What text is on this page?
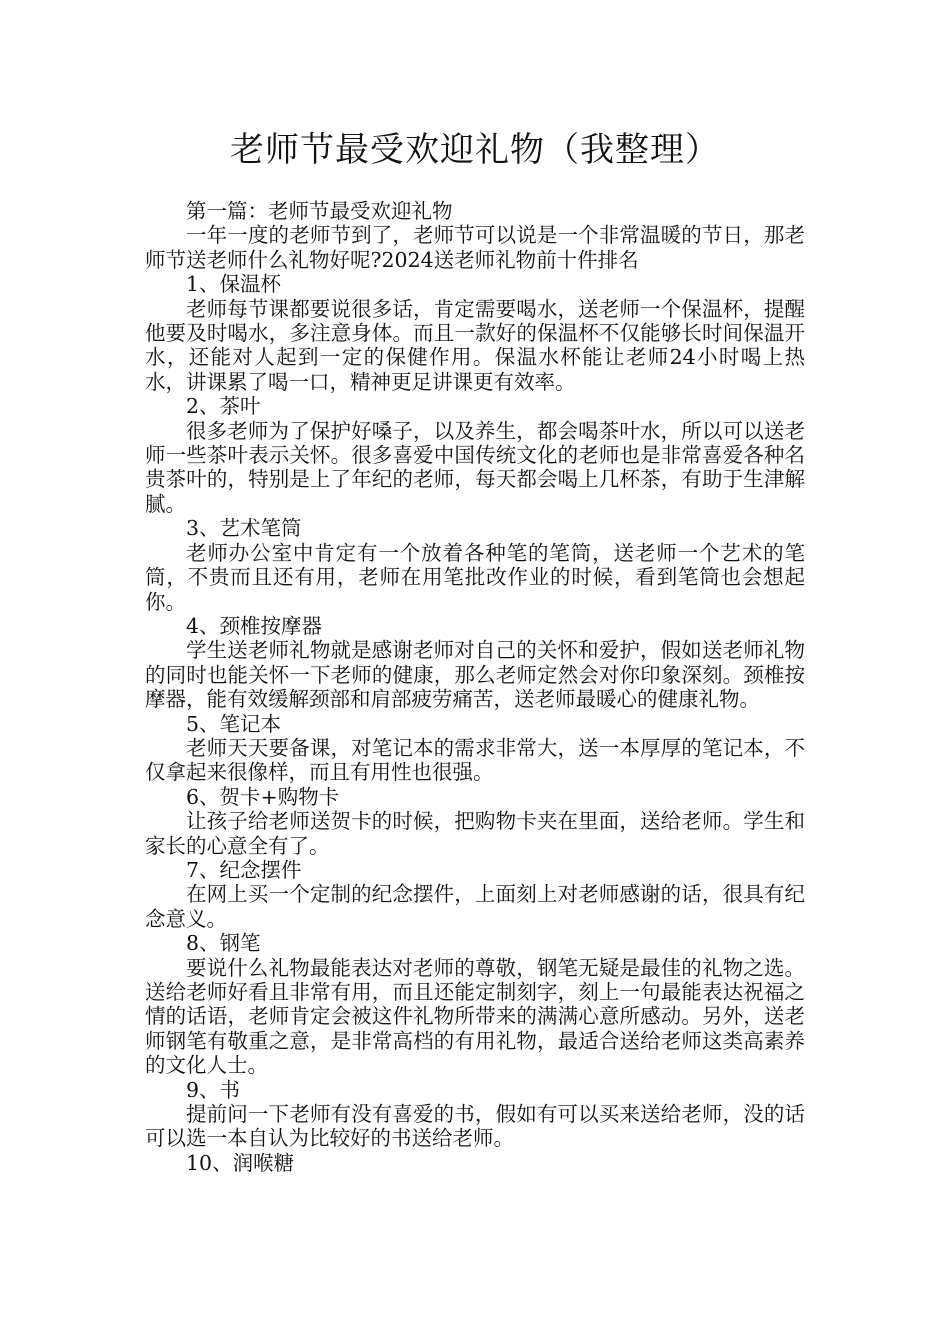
老师节最受欢迎礼物（我整理）

第一篇：老师节最受欢迎礼物

一年一度的老师节到了，老师节可以说是一个非常温暖的节日，那老师节送老师什么礼物好呢?2024送老师礼物前十件排名

1、保温杯

老师每节课都要说很多话，肯定需要喝水，送老师一个保温杯，提醒他要及时喝水，多注意身体。而且一款好的保温杯不仅能够长时间保温开水，还能对人起到一定的保健作用。保温水杯能让老师24小时喝上热水，讲课累了喝一口，精神更足讲课更有效率。

2、茶叶

很多老师为了保护好嗓子，以及养生，都会喝茶叶水，所以可以送老师一些茶叶表示关怀。很多喜爱中国传统文化的老师也是非常喜爱各种名贵茶叶的，特别是上了年纪的老师，每天都会喝上几杯茶，有助于生津解腻。

3、艺术笔筒

老师办公室中肯定有一个放着各种笔的笔筒，送老师一个艺术的笔筒，不贵而且还有用，老师在用笔批改作业的时候，看到笔筒也会想起你。

4、颈椎按摩器

学生送老师礼物就是感谢老师对自己的关怀和爱护，假如送老师礼物的同时也能关怀一下老师的健康，那么老师定然会对你印象深刻。颈椎按摩器，能有效缓解颈部和肩部疲劳痛苦，送老师最暖心的健康礼物。

5、笔记本

老师天天要备课，对笔记本的需求非常大，送一本厚厚的笔记本，不仅拿起来很像样，而且有用性也很强。

6、贺卡+购物卡

让孩子给老师送贺卡的时候，把购物卡夹在里面，送给老师。学生和家长的心意全有了。

7、纪念摆件

在网上买一个定制的纪念摆件，上面刻上对老师感谢的话，很具有纪念意义。

8、钢笔

要说什么礼物最能表达对老师的尊敬，钢笔无疑是最佳的礼物之选。送给老师好看且非常有用，而且还能定制刻字，刻上一句最能表达祝福之情的话语，老师肯定会被这件礼物所带来的满满心意所感动。另外，送老师钢笔有敬重之意，是非常高档的有用礼物，最适合送给老师这类高素养的文化人士。

9、书

提前问一下老师有没有喜爱的书，假如有可以买来送给老师，没的话可以选一本自认为比较好的书送给老师。

10、润喉糖
